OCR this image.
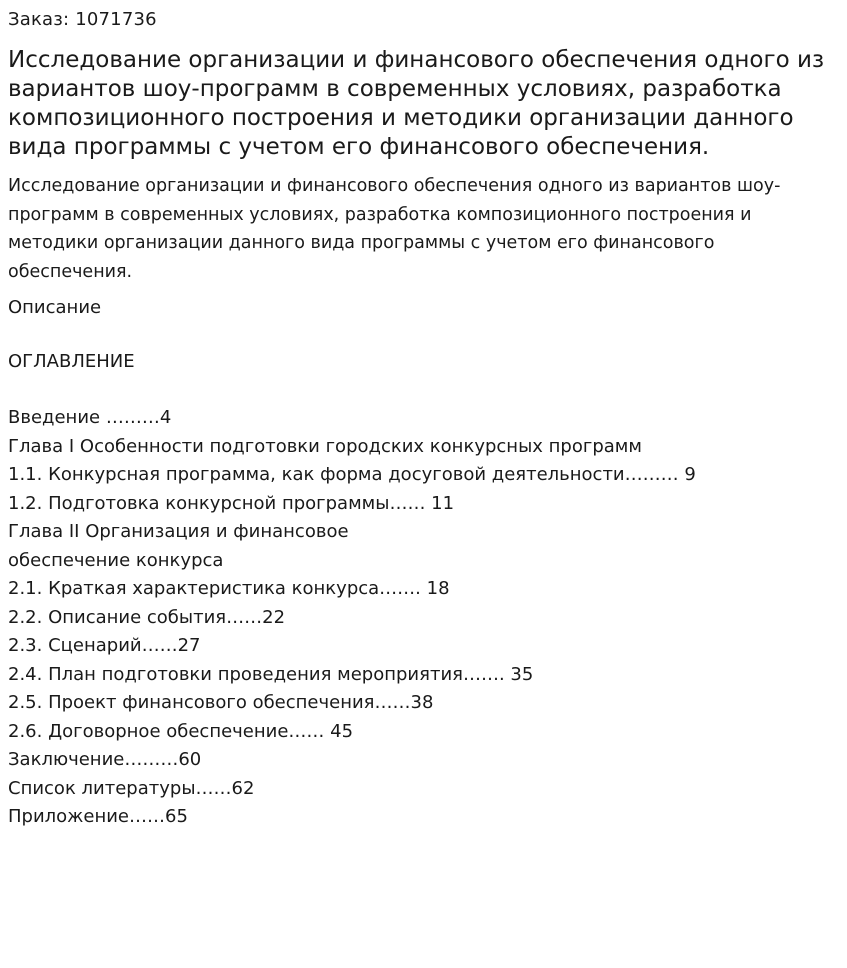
Заказ: 1071736
Исследование организации и финансового обеспечения одного из вариантов шоу-программ в современных условиях, разработка композиционного построения и методики организации данного вида программы с учетом его финансового обеспечения.

Исследование организации и финансового обеспечения одного из вариантов шоу-программ в современных условиях, разработка композиционного построения и методики организации данного вида программы с учетом его финансового обеспечения.

Описание
ОГЛАВЛЕНИЕ
Введение ………4
Глава I Особенности подготовки городских конкурсных программ
1.1. Конкурсная программа, как форма досуговой деятельности……… 9
1.2. Подготовка конкурсной программы…… 11
Глава II Организация и финансовое
обеспечение конкурса
2.1. Краткая характеристика конкурса……. 18
2.2. Описание события……22
2.3. Сценарий……27
2.4. План подготовки проведения мероприятия……. 35
2.5. Проект финансового обеспечения……38
2.6. Договорное обеспечение…… 45
Заключение………60
Список литературы……62
Приложение……65
